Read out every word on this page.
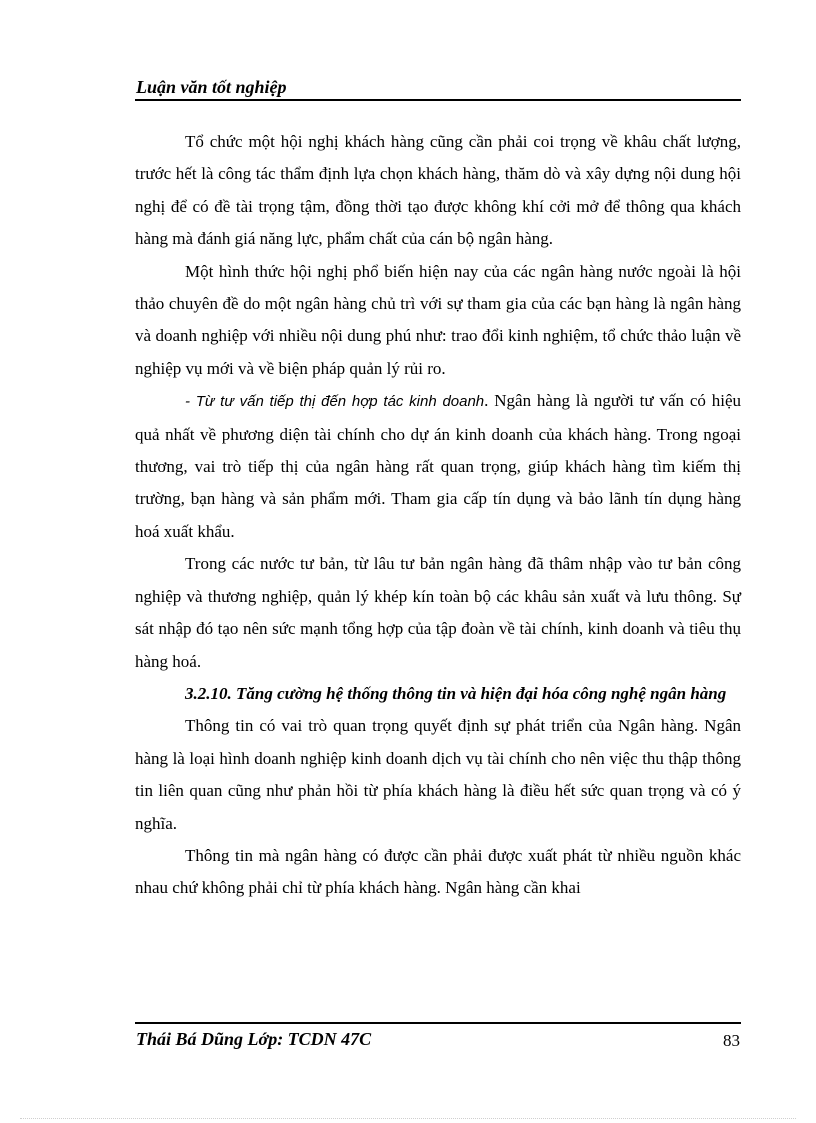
Luận văn tốt nghiệp

Tổ chức một hội nghị khách hàng cũng cần phải coi trọng về khâu chất lượng, trước hết là công tác thẩm định lựa chọn khách hàng, thăm dò và xây dựng nội dung hội nghị để có đề tài trọng tậm, đồng thời tạo được không khí cởi mở để thông qua khách hàng mà đánh giá năng lực, phẩm chất của cán bộ ngân hàng.

Một hình thức hội nghị phổ biến hiện nay của các ngân hàng nước ngoài là hội thảo chuyên đề do một ngân hàng chủ trì với sự tham gia của các bạn hàng là ngân hàng và doanh nghiệp với nhiều nội dung phú như: trao đổi kinh nghiệm, tổ chức thảo luận về nghiệp vụ mới và về biện pháp quản lý rủi ro.

- Từ tư vấn tiếp thị đến hợp tác kinh doanh. Ngân hàng là người tư vấn có hiệu quả nhất về phương diện tài chính cho dự án kinh doanh của khách hàng. Trong ngoại thương, vai trò tiếp thị của ngân hàng rất quan trọng, giúp khách hàng tìm kiếm thị trường, bạn hàng và sản phẩm mới. Tham gia cấp tín dụng và bảo lãnh tín dụng hàng hoá xuất khẩu.

Trong các nước tư bản, từ lâu tư bản ngân hàng đã thâm nhập vào tư bản công nghiệp và thương nghiệp, quản lý khép kín toàn bộ các khâu sản xuất và lưu thông. Sự sát nhập đó tạo nên sức mạnh tổng hợp của tập đoàn về tài chính, kinh doanh và tiêu thụ hàng hoá.

3.2.10. Tăng cường hệ thống thông tin và hiện đại hóa công nghệ ngân hàng

Thông tin có vai trò quan trọng quyết định sự phát triển của Ngân hàng. Ngân hàng là loại hình doanh nghiệp kinh doanh dịch vụ tài chính cho nên việc thu thập thông tin liên quan cũng như phản hồi từ phía khách hàng là điều hết sức quan trọng và có ý nghĩa.

Thông tin mà ngân hàng có được cần phải được xuất phát từ nhiều nguồn khác nhau chứ không phải chỉ từ phía khách hàng. Ngân hàng cần khai

Thái Bá Dũng Lớp: TCDN 47C	83
